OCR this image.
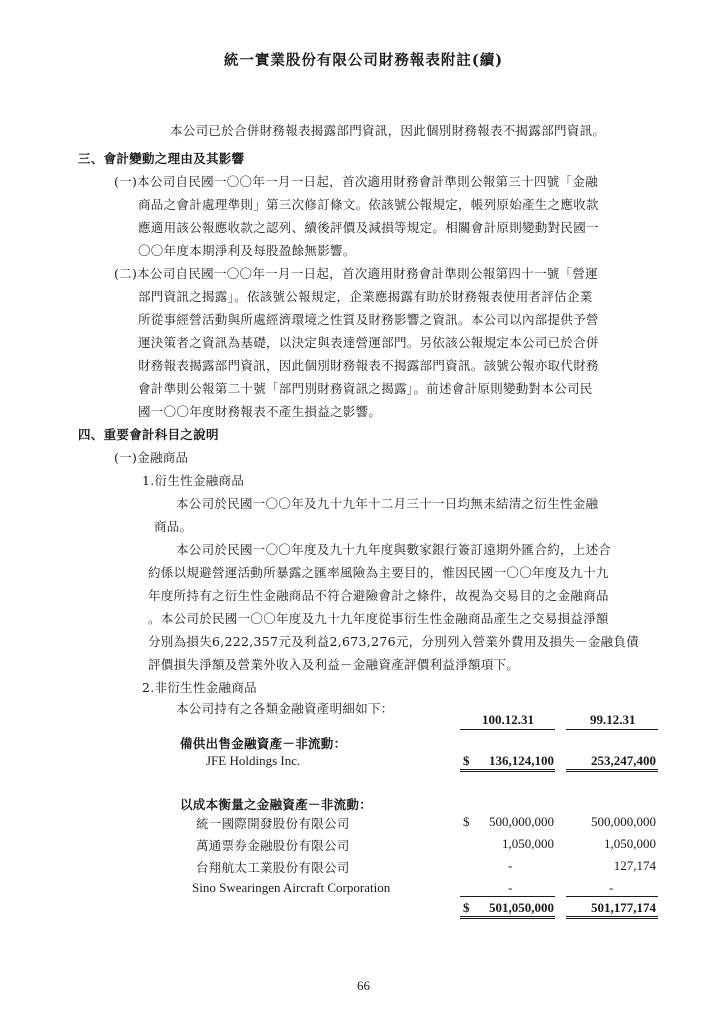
統一實業股份有限公司財務報表附註(續)
本公司已於合併財務報表揭露部門資訊，因此個別財務報表不揭露部門資訊。
三、會計變動之理由及其影響
(一)本公司自民國一〇〇年一月一日起，首次適用財務會計準則公報第三十四號「金融
商品之會計處理準則」第三次修訂條文。依該號公報規定，帳列原始產生之應收款
應適用該公報應收款之認列、續後評價及減損等規定。相關會計原則變動對民國一
〇〇年度本期淨利及每股盈餘無影響。
(二)本公司自民國一〇〇年一月一日起，首次適用財務會計準則公報第四十一號「營運
部門資訊之揭露」。依該號公報規定，企業應揭露有助於財務報表使用者評估企業
所從事經營活動與所處經濟環境之性質及財務影響之資訊。本公司以內部提供予營
運決策者之資訊為基礎，以決定與表達營運部門。另依該公報規定本公司已於合併
財務報表揭露部門資訊，因此個別財務報表不揭露部門資訊。該號公報亦取代財務
會計準則公報第二十號「部門別財務資訊之揭露」。前述會計原則變動對本公司民
國一〇〇年度財務報表不產生損益之影響。
四、重要會計科目之說明
(一)金融商品
1.衍生性金融商品
本公司於民國一〇〇年及九十九年十二月三十一日均無未結清之衍生性金融
商品。
本公司於民國一〇〇年度及九十九年度與數家銀行簽訂遠期外匯合約，上述合
約係以規避營運活動所暴露之匯率風險為主要目的，惟因民國一〇〇年度及九十九
年度所持有之衍生性金融商品不符合避險會計之條件，故視為交易目的之金融商品
。本公司於民國一〇〇年度及九十九年度從事衍生性金融商品產生之交易損益淨額
分別為損失6,222,357元及利益2,673,276元，分別列入營業外費用及損失－金融負債
評價損失淨額及營業外收入及利益－金融資產評價利益淨額項下。
2.非衍生性金融商品
本公司持有之各類金融資產明細如下：
100.12.31	99.12.31
備供出售金融資產－非流動：
JFE Holdings Inc.	$	136,124,100	253,247,400
以成本衡量之金融資產－非流動：
統一國際開發股份有限公司	$	500,000,000	500,000,000
萬通票券金融股份有限公司	1,050,000	1,050,000
台翔航太工業股份有限公司	-	127,174
Sino Swearingen Aircraft Corporation	-	-
$	501,050,000	501,177,174
66
